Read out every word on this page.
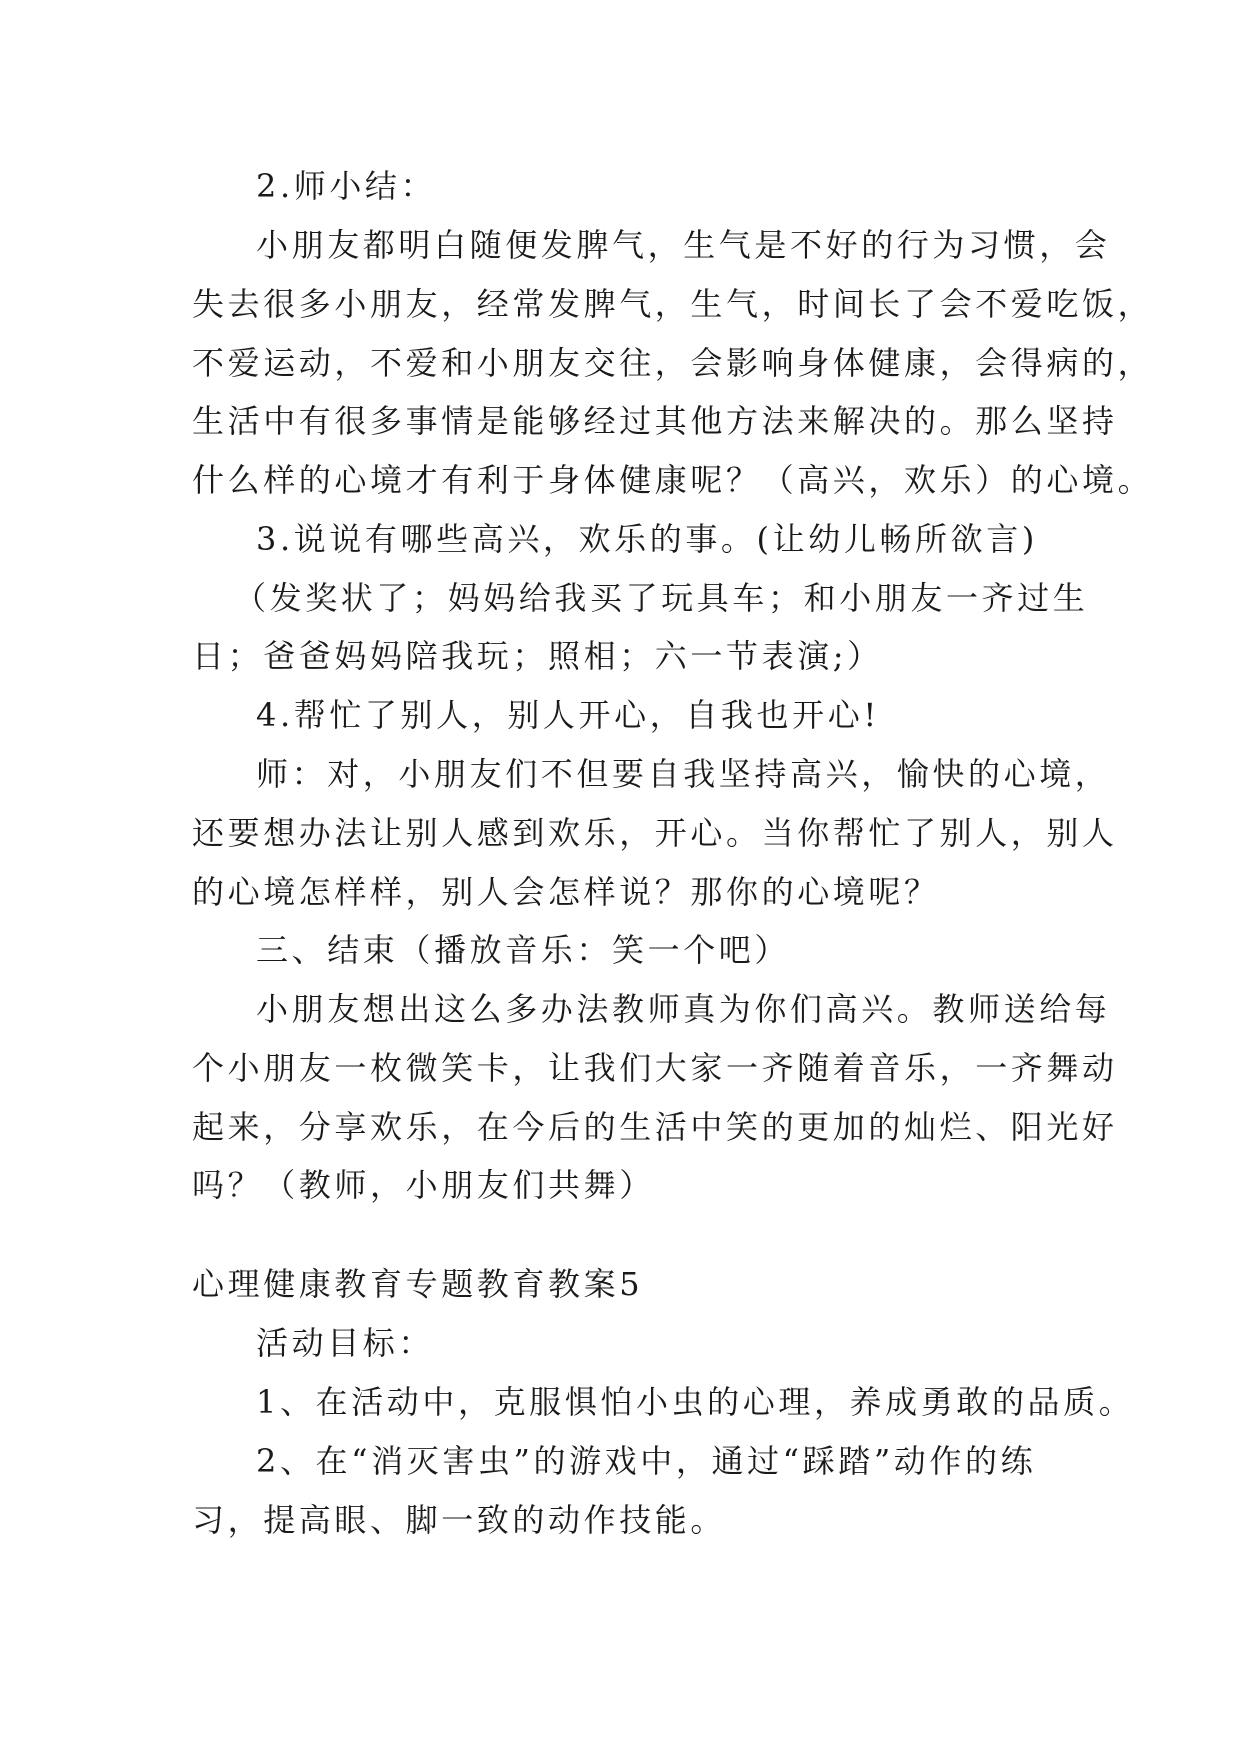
2.师小结：
小朋友都明白随便发脾气，生气是不好的行为习惯，会
失去很多小朋友，经常发脾气，生气，时间长了会不爱吃饭，
不爱运动，不爱和小朋友交往，会影响身体健康，会得病的，
生活中有很多事情是能够经过其他方法来解决的。那么坚持
什么样的心境才有利于身体健康呢？（高兴，欢乐）的心境。
3.说说有哪些高兴，欢乐的事。(让幼儿畅所欲言)
（发奖状了；妈妈给我买了玩具车；和小朋友一齐过生
日；爸爸妈妈陪我玩；照相；六一节表演;）
4.帮忙了别人，别人开心，自我也开心!
师：对，小朋友们不但要自我坚持高兴，愉快的心境，
还要想办法让别人感到欢乐，开心。当你帮忙了别人，别人
的心境怎样样，别人会怎样说？那你的心境呢？
三、结束（播放音乐：笑一个吧）
小朋友想出这么多办法教师真为你们高兴。教师送给每
个小朋友一枚微笑卡，让我们大家一齐随着音乐，一齐舞动
起来，分享欢乐，在今后的生活中笑的更加的灿烂、阳光好
吗？（教师，小朋友们共舞）
心理健康教育专题教育教案5
活动目标：
1、在活动中，克服惧怕小虫的心理，养成勇敢的品质。
2、在“消灭害虫”的游戏中，通过“踩踏”动作的练
习，提高眼、脚一致的动作技能。
